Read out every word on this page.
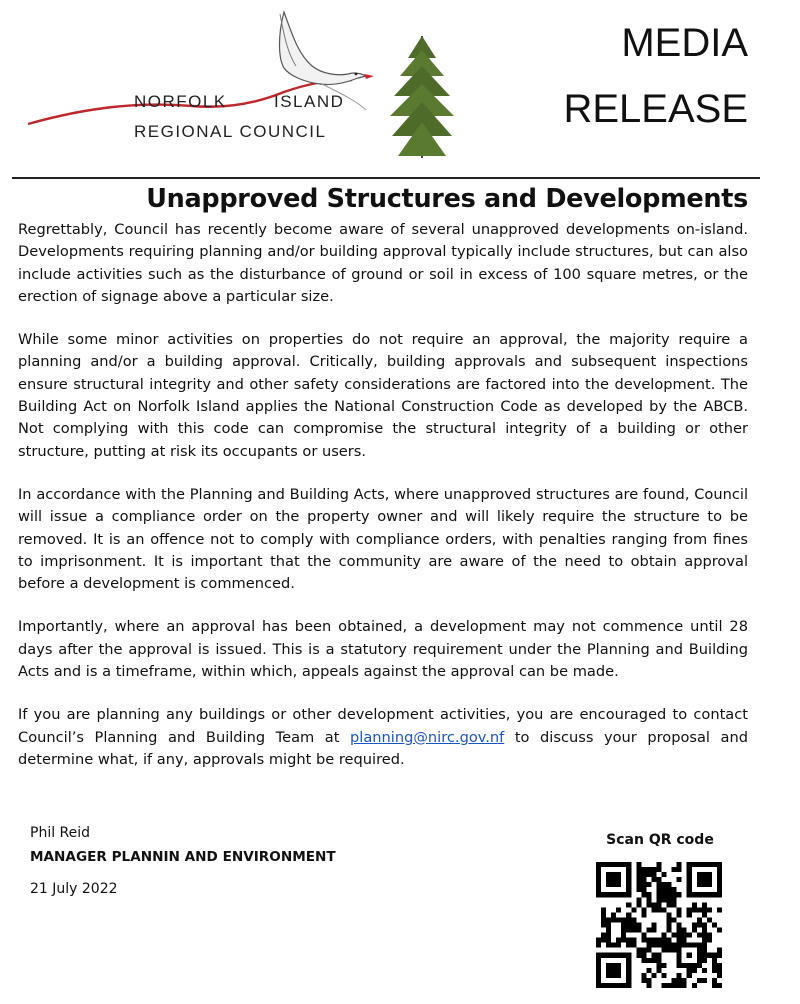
NORFOLK	ISLAND
REGIONAL COUNCIL
MEDIA
RELEASE
Unapproved Structures and Developments

Regrettably, Council has recently become aware of several unapproved developments on-island. Developments requiring planning and/or building approval typically include structures, but can also include activities such as the disturbance of ground or soil in excess of 100 square metres, or the erection of signage above a particular size.

While some minor activities on properties do not require an approval, the majority require a planning and/or a building approval. Critically, building approvals and subsequent inspections ensure structural integrity and other safety considerations are factored into the development. The Building Act on Norfolk Island applies the National Construction Code as developed by the ABCB. Not complying with this code can compromise the structural integrity of a building or other structure, putting at risk its occupants or users.

In accordance with the Planning and Building Acts, where unapproved structures are found, Council will issue a compliance order on the property owner and will likely require the structure to be removed. It is an offence not to comply with compliance orders, with penalties ranging from fines to imprisonment. It is important that the community are aware of the need to obtain approval before a development is commenced.

Importantly, where an approval has been obtained, a development may not commence until 28 days after the approval is issued. This is a statutory requirement under the Planning and Building Acts and is a timeframe, within which, appeals against the approval can be made.

If you are planning any buildings or other development activities, you are encouraged to contact Council’s Planning and Building Team at planning@nirc.gov.nf to discuss your proposal and determine what, if any, approvals might be required.

Phil Reid
MANAGER PLANNIN AND ENVIRONMENT
21 July 2022
Scan QR code
